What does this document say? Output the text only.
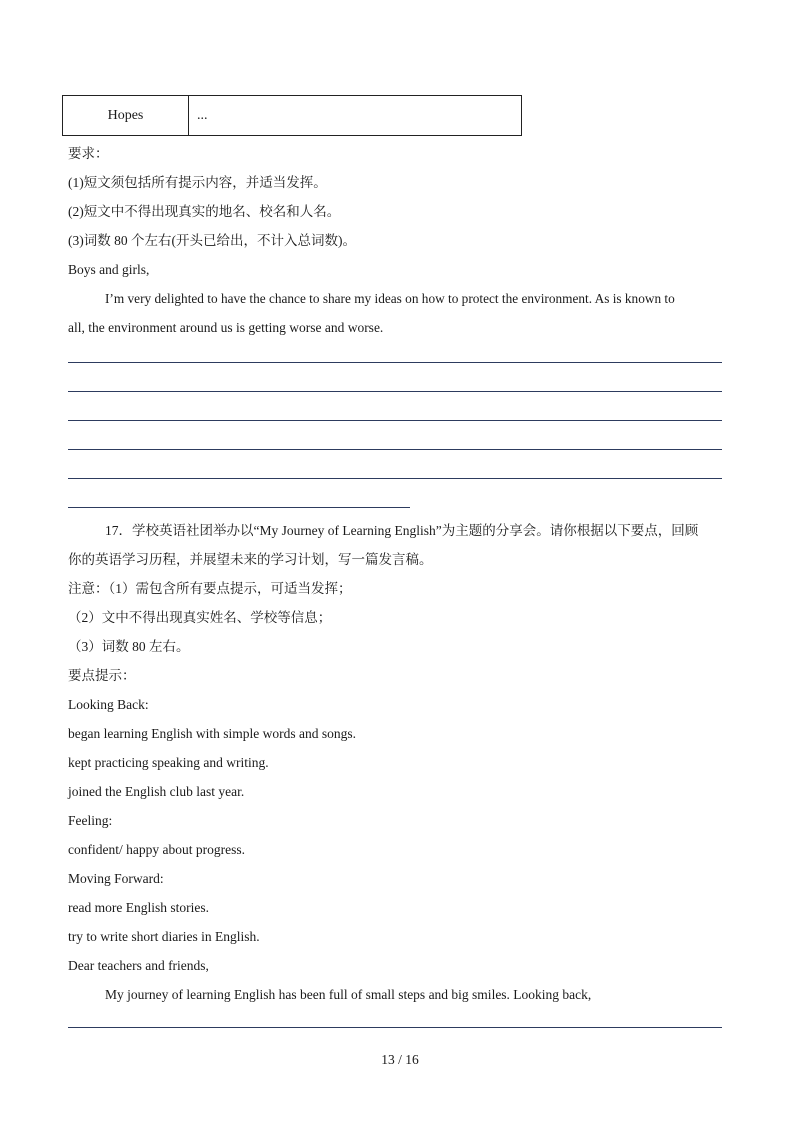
Hopes	...
要求：
(1)短文须包括所有提示内容，并适当发挥。
(2)短文中不得出现真实的地名、校名和人名。
(3)词数 80 个左右(开头已给出，不计入总词数)。
Boys and girls,
I’m very delighted to have the chance to share my ideas on how to protect the environment. As is known to
all, the environment around us is getting worse and worse.
17．学校英语社团举办以“My Journey of Learning English”为主题的分享会。请你根据以下要点，回顾
你的英语学习历程，并展望未来的学习计划，写一篇发言稿。
注意：（1）需包含所有要点提示，可适当发挥；
（2）文中不得出现真实姓名、学校等信息；
（3）词数 80 左右。
要点提示：
Looking Back:
began learning English with simple words and songs.
kept practicing speaking and writing.
joined the English club last year.
Feeling:
confident/ happy about progress.
Moving Forward:
read more English stories.
try to write short diaries in English.
Dear teachers and friends,
My journey of learning English has been full of small steps and big smiles. Looking back,
13 / 16
